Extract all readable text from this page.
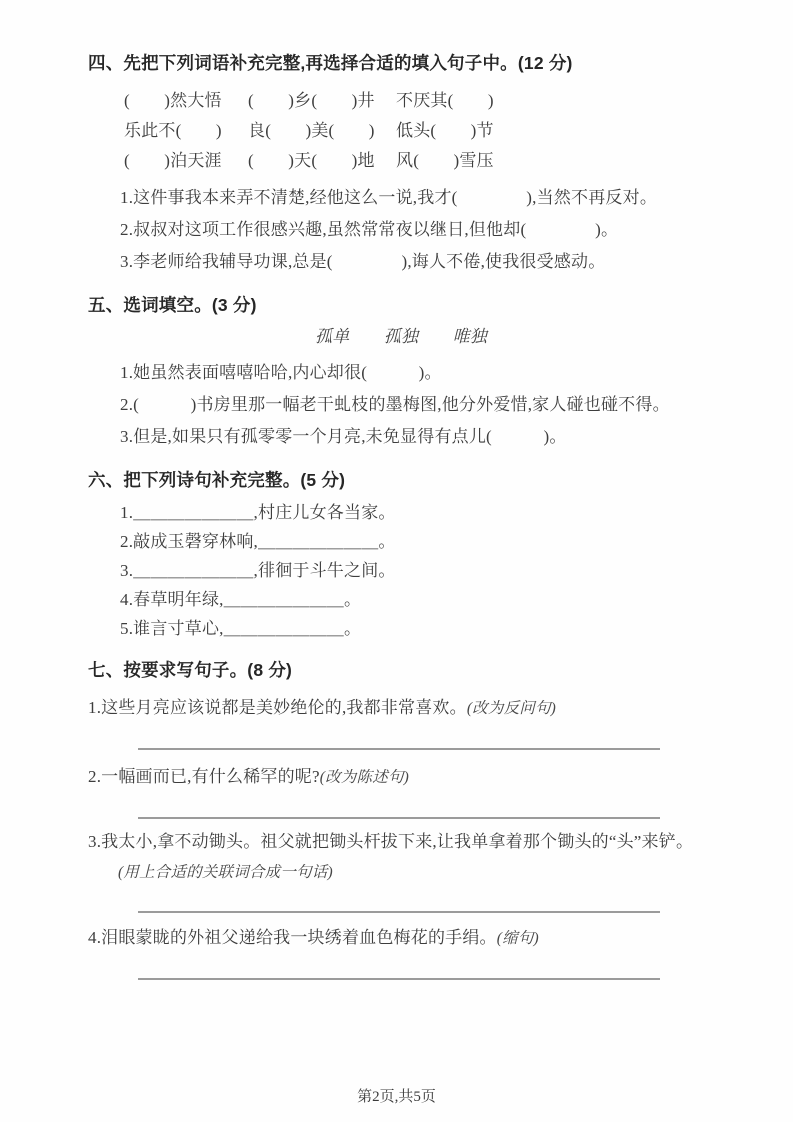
四、先把下列词语补充完整,再选择合适的填入句子中。(12 分)
(　　)然大悟	(　　)乡(　　)井	不厌其(　　)
乐此不(　　)	良(　　)美(　　)	低头(　　)节
(　　)泊天涯	(　　)天(　　)地	风(　　)雪压
1.这件事我本来弄不清楚,经他这么一说,我才(　　　　),当然不再反对。
2.叔叔对这项工作很感兴趣,虽然常常夜以继日,但他却(　　　　)。
3.李老师给我辅导功课,总是(　　　　),诲人不倦,使我很受感动。
五、选词填空。(3 分)
孤单　　孤独　　唯独
1.她虽然表面嘻嘻哈哈,内心却很(　　　)。
2.(　　　)书房里那一幅老干虬枝的墨梅图,他分外爱惜,家人碰也碰不得。
3.但是,如果只有孤零零一个月亮,未免显得有点儿(　　　)。
六、把下列诗句补充完整。(5 分)
1.＿＿＿＿＿＿＿,村庄儿女各当家。
2.敲成玉磬穿林响,＿＿＿＿＿＿＿。
3.＿＿＿＿＿＿＿,徘徊于斗牛之间。
4.春草明年绿,＿＿＿＿＿＿＿。
5.谁言寸草心,＿＿＿＿＿＿＿。
七、按要求写句子。(8 分)
1.这些月亮应该说都是美妙绝伦的,我都非常喜欢。(改为反问句)
2.一幅画而已,有什么稀罕的呢?(改为陈述句)
3.我太小,拿不动锄头。祖父就把锄头杆拔下来,让我单拿着那个锄头的“头”来铲。(用上合适的关联词合成一句话)
4.泪眼蒙眬的外祖父递给我一块绣着血色梅花的手绢。(缩句)
第2页,共5页
